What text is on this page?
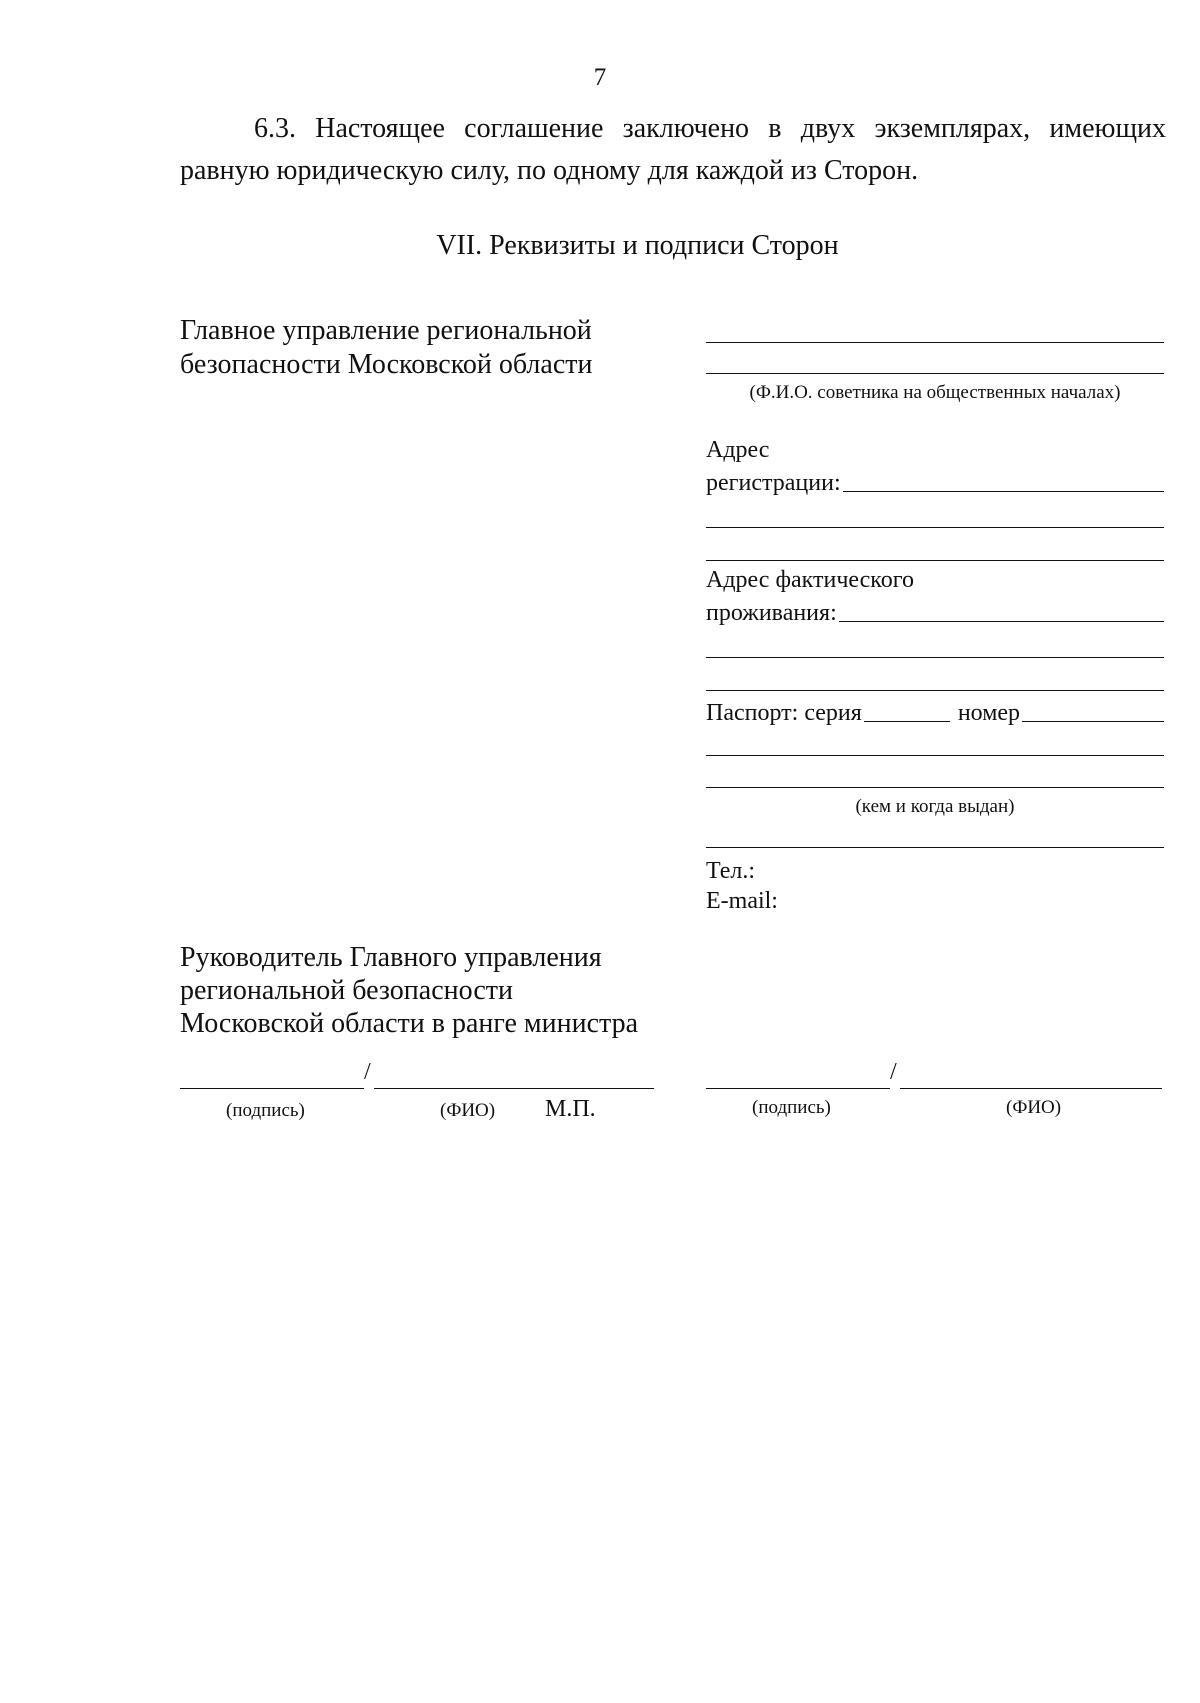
7
6.3. Настоящее соглашение заключено в двух экземплярах, имеющих
равную юридическую силу, по одному для каждой из Сторон.
VII. Реквизиты и подписи Сторон
Главное управление региональной безопасности Московской области
(Ф.И.О. советника на общественных началах)
Адрес
регистрации:
Адрес фактического
проживания:
Паспорт: серия	номер
(кем и когда выдан)
Тел.:
E-mail:
Руководитель Главного управления региональной безопасности Московской области в ранге министра
/
(подпись)	(ФИО) М.П.
/
(подпись)	(ФИО)
